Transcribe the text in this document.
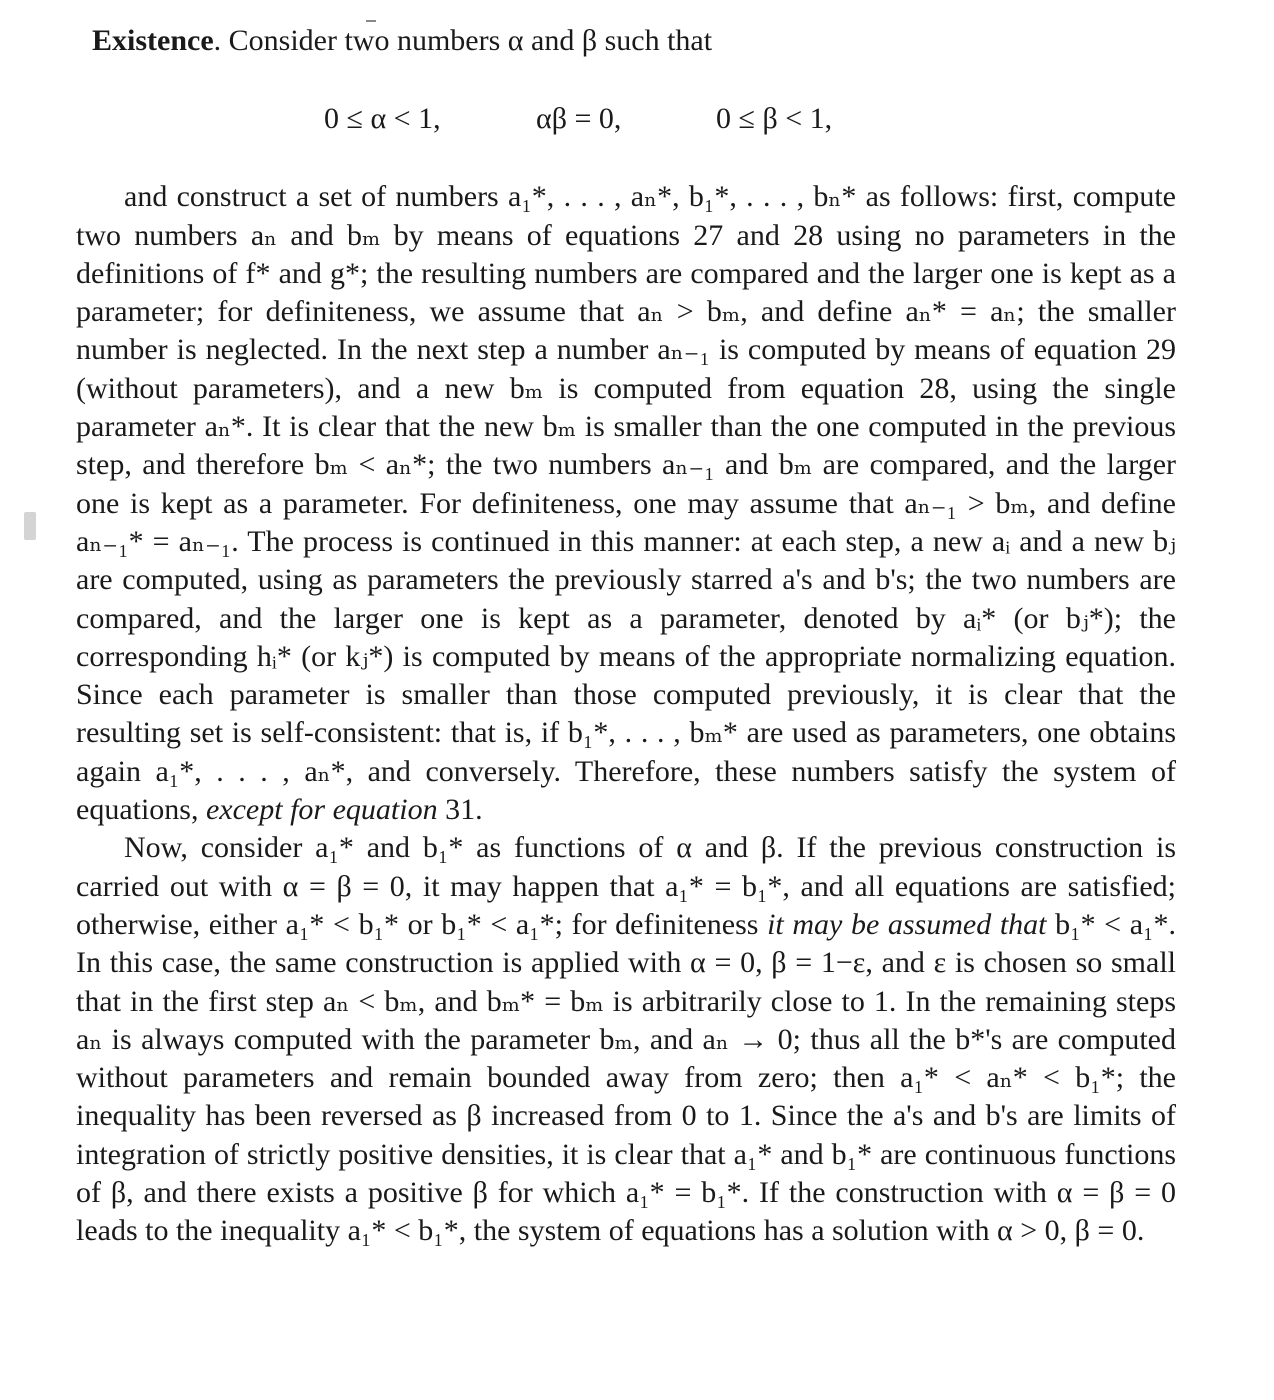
Existence. Consider two numbers α and β such that

0 ≤ α < 1,	αβ = 0,	0 ≤ β < 1,

and construct a set of numbers a₁*, . . . , aₙ*, b₁*, . . . , bₙ* as follows: first, compute two numbers aₙ and bₘ by means of equations 27 and 28 using no parameters in the definitions of f* and g*; the resulting numbers are compared and the larger one is kept as a parameter; for definiteness, we assume that aₙ > bₘ, and define aₙ* = aₙ; the smaller number is neglected. In the next step a number aₙ₋₁ is computed by means of equation 29 (without parameters), and a new bₘ is computed from equation 28, using the single parameter aₙ*. It is clear that the new bₘ is smaller than the one computed in the previous step, and therefore bₘ < aₙ*; the two numbers aₙ₋₁ and bₘ are compared, and the larger one is kept as a parameter. For definiteness, one may assume that aₙ₋₁ > bₘ, and define aₙ₋₁* = aₙ₋₁. The process is continued in this manner: at each step, a new aᵢ and a new bⱼ are computed, using as parameters the previously starred a's and b's; the two numbers are compared, and the larger one is kept as a parameter, denoted by aᵢ* (or bⱼ*); the corresponding hᵢ* (or kⱼ*) is computed by means of the appropriate normalizing equation. Since each parameter is smaller than those computed previously, it is clear that the resulting set is self-consistent: that is, if b₁*, . . . , bₘ* are used as parameters, one obtains again a₁*, . . . , aₙ*, and conversely. Therefore, these numbers satisfy the system of equations, except for equation 31.

Now, consider a₁* and b₁* as functions of α and β. If the previous construction is carried out with α = β = 0, it may happen that a₁* = b₁*, and all equations are satisfied; otherwise, either a₁* < b₁* or b₁* < a₁*; for definiteness it may be assumed that b₁* < a₁*. In this case, the same construction is applied with α = 0, β = 1−ε, and ε is chosen so small that in the first step aₙ < bₘ, and bₘ* = bₘ is arbitrarily close to 1. In the remaining steps aₙ is always computed with the parameter bₘ, and aₙ → 0; thus all the b*'s are computed without parameters and remain bounded away from zero; then a₁* < aₙ* < b₁*; the inequality has been reversed as β increased from 0 to 1. Since the a's and b's are limits of integration of strictly positive densities, it is clear that a₁* and b₁* are continuous functions of β, and there exists a positive β for which a₁* = b₁*. If the construction with α = β = 0 leads to the inequality a₁* < b₁*, the system of equations has a solution with α > 0, β = 0.
